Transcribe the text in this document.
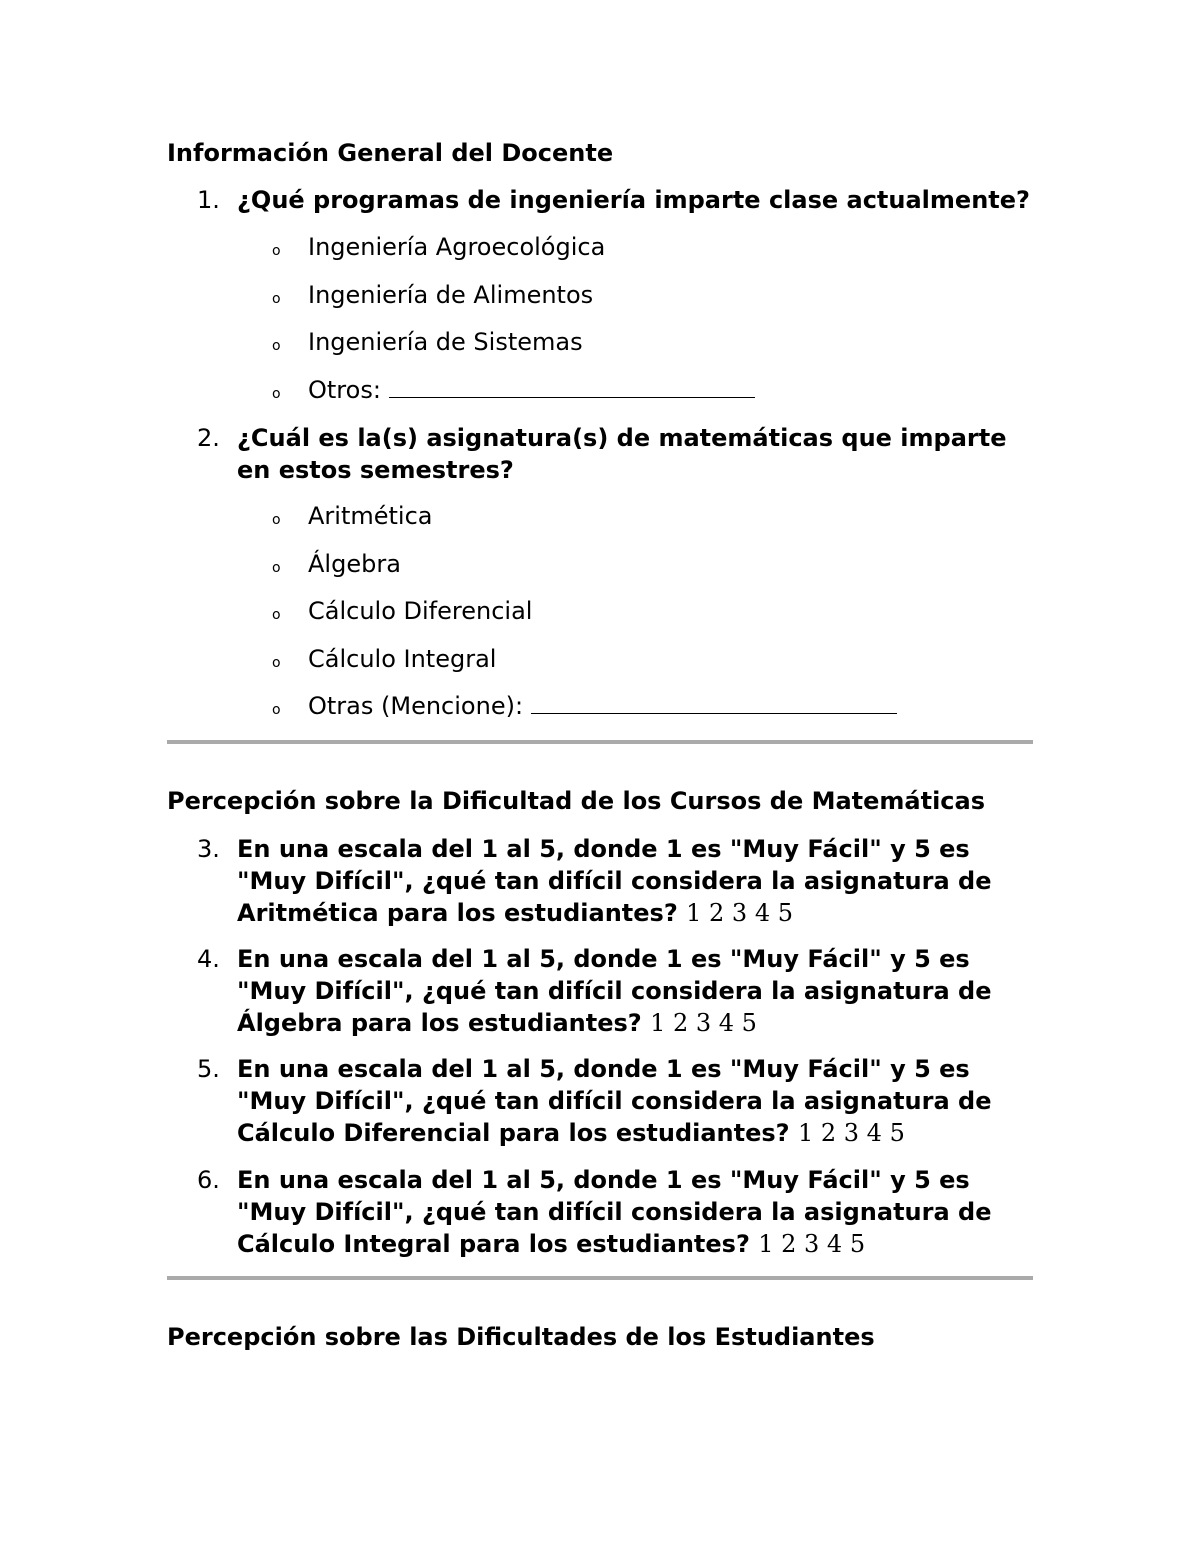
Información General del Docente
1. ¿Qué programas de ingeniería imparte clase actualmente?
o Ingeniería Agroecológica
o Ingeniería de Alimentos
o Ingeniería de Sistemas
o Otros:
2. ¿Cuál es la(s) asignatura(s) de matemáticas que imparte en estos semestres?
o Aritmética
o Álgebra
o Cálculo Diferencial
o Cálculo Integral
o Otras (Mencione):
Percepción sobre la Dificultad de los Cursos de Matemáticas
3. En una escala del 1 al 5, donde 1 es "Muy Fácil" y 5 es "Muy Difícil", ¿qué tan difícil considera la asignatura de Aritmética para los estudiantes? 1 2 3 4 5
4. En una escala del 1 al 5, donde 1 es "Muy Fácil" y 5 es "Muy Difícil", ¿qué tan difícil considera la asignatura de Álgebra para los estudiantes? 1 2 3 4 5
5. En una escala del 1 al 5, donde 1 es "Muy Fácil" y 5 es "Muy Difícil", ¿qué tan difícil considera la asignatura de Cálculo Diferencial para los estudiantes? 1 2 3 4 5
6. En una escala del 1 al 5, donde 1 es "Muy Fácil" y 5 es "Muy Difícil", ¿qué tan difícil considera la asignatura de Cálculo Integral para los estudiantes? 1 2 3 4 5
Percepción sobre las Dificultades de los Estudiantes
